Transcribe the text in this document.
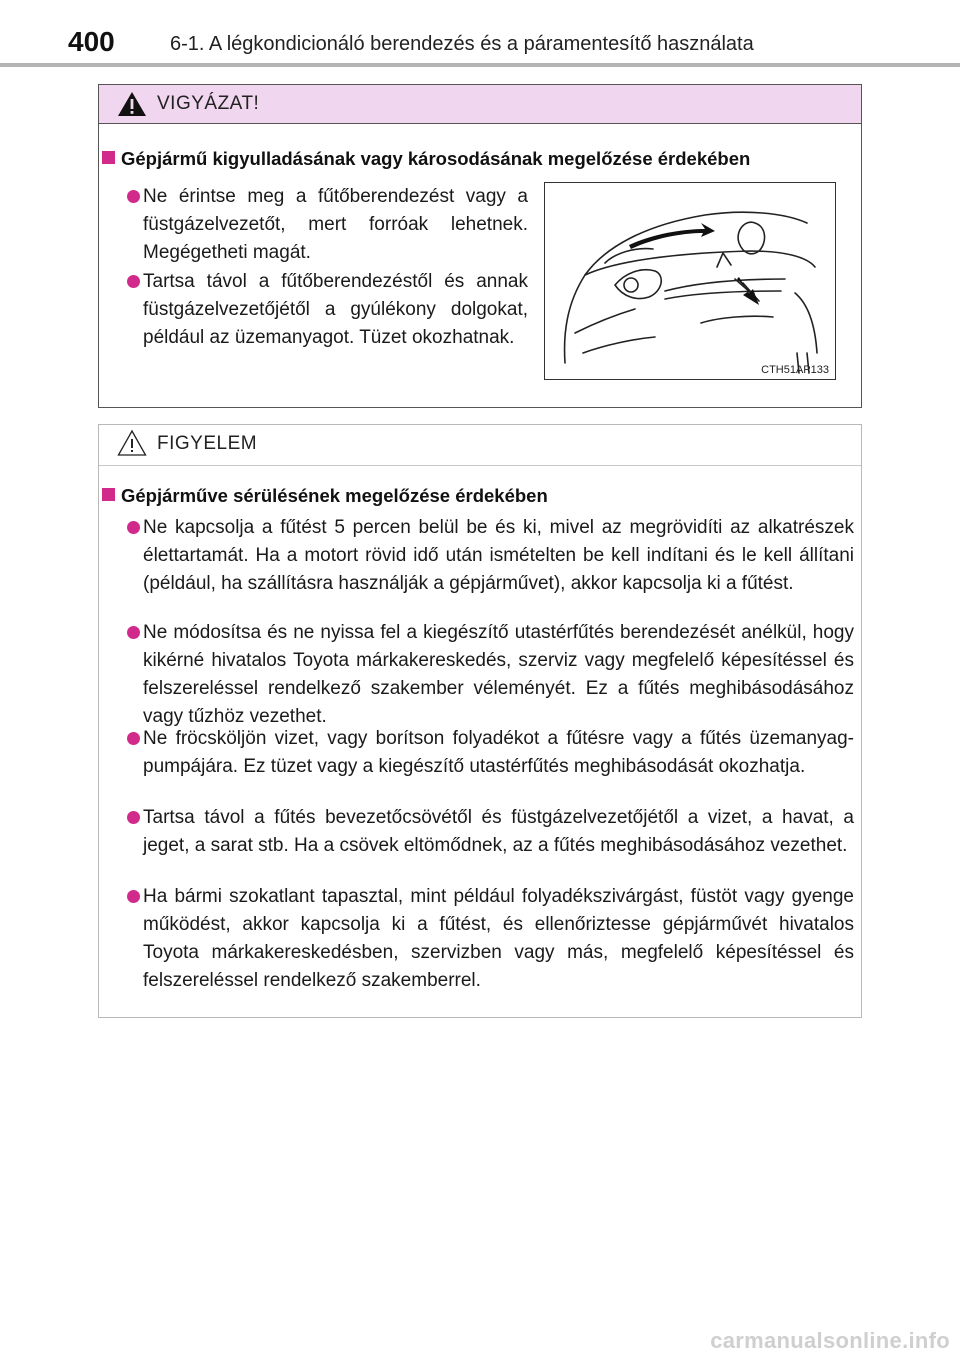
400	6-1. A légkondicionáló berendezés és a páramentesítő használata
VIGYÁZAT!
Gépjármű kigyulladásának vagy károsodásának megelőzése érdekében
Ne érintse meg a fűtőberendezést vagy a füstgázelvezetőt, mert forróak lehetnek. Megégetheti magát.
Tartsa távol a fűtőberendezéstől és annak füstgázelvezetőjétől a gyúlékony dolgokat, például az üzemanyagot. Tüzet okozhatnak.
CTH51AP133
FIGYELEM
Gépjárművе sérülésének megelőzése érdekében
Ne kapcsolja a fűtést 5 percen belül be és ki, mivel az megrövidíti az alkatrészek élettartamát. Ha a motort rövid idő után ismételten be kell indítani és le kell állítani (például, ha szállításra használják a gépjárművet), akkor kapcsolja ki a fűtést.
Ne módosítsa és ne nyissa fel a kiegészítő utastérfűtés berendezését anélkül, hogy kikérné hivatalos Toyota márkakereskedés, szerviz vagy megfelelő képesítéssel és felszereléssel rendelkező szakember véleményét. Ez a fűtés meghibásodásához vagy tűzhöz vezethet.
Ne fröcsköljön vizet, vagy borítson folyadékot a fűtésre vagy a fűtés üzemanyag-pumpájára. Ez tüzet vagy a kiegészítő utastérfűtés meghibásodását okozhatja.
Tartsa távol a fűtés bevezetőcsövétől és füstgázelvezetőjétől a vizet, a havat, a jeget, a sarat stb. Ha a csövek eltömődnek, az a fűtés meghibásodásához vezethet.
Ha bármi szokatlant tapasztal, mint például folyadékszivárgást, füstöt vagy gyenge működést, akkor kapcsolja ki a fűtést, és ellenőriztesse gépjárművét hivatalos Toyota márkakereskedésben, szervizben vagy más, megfelelő képesítéssel és felszereléssel rendelkező szakemberrel.
carmanualsonline.info
